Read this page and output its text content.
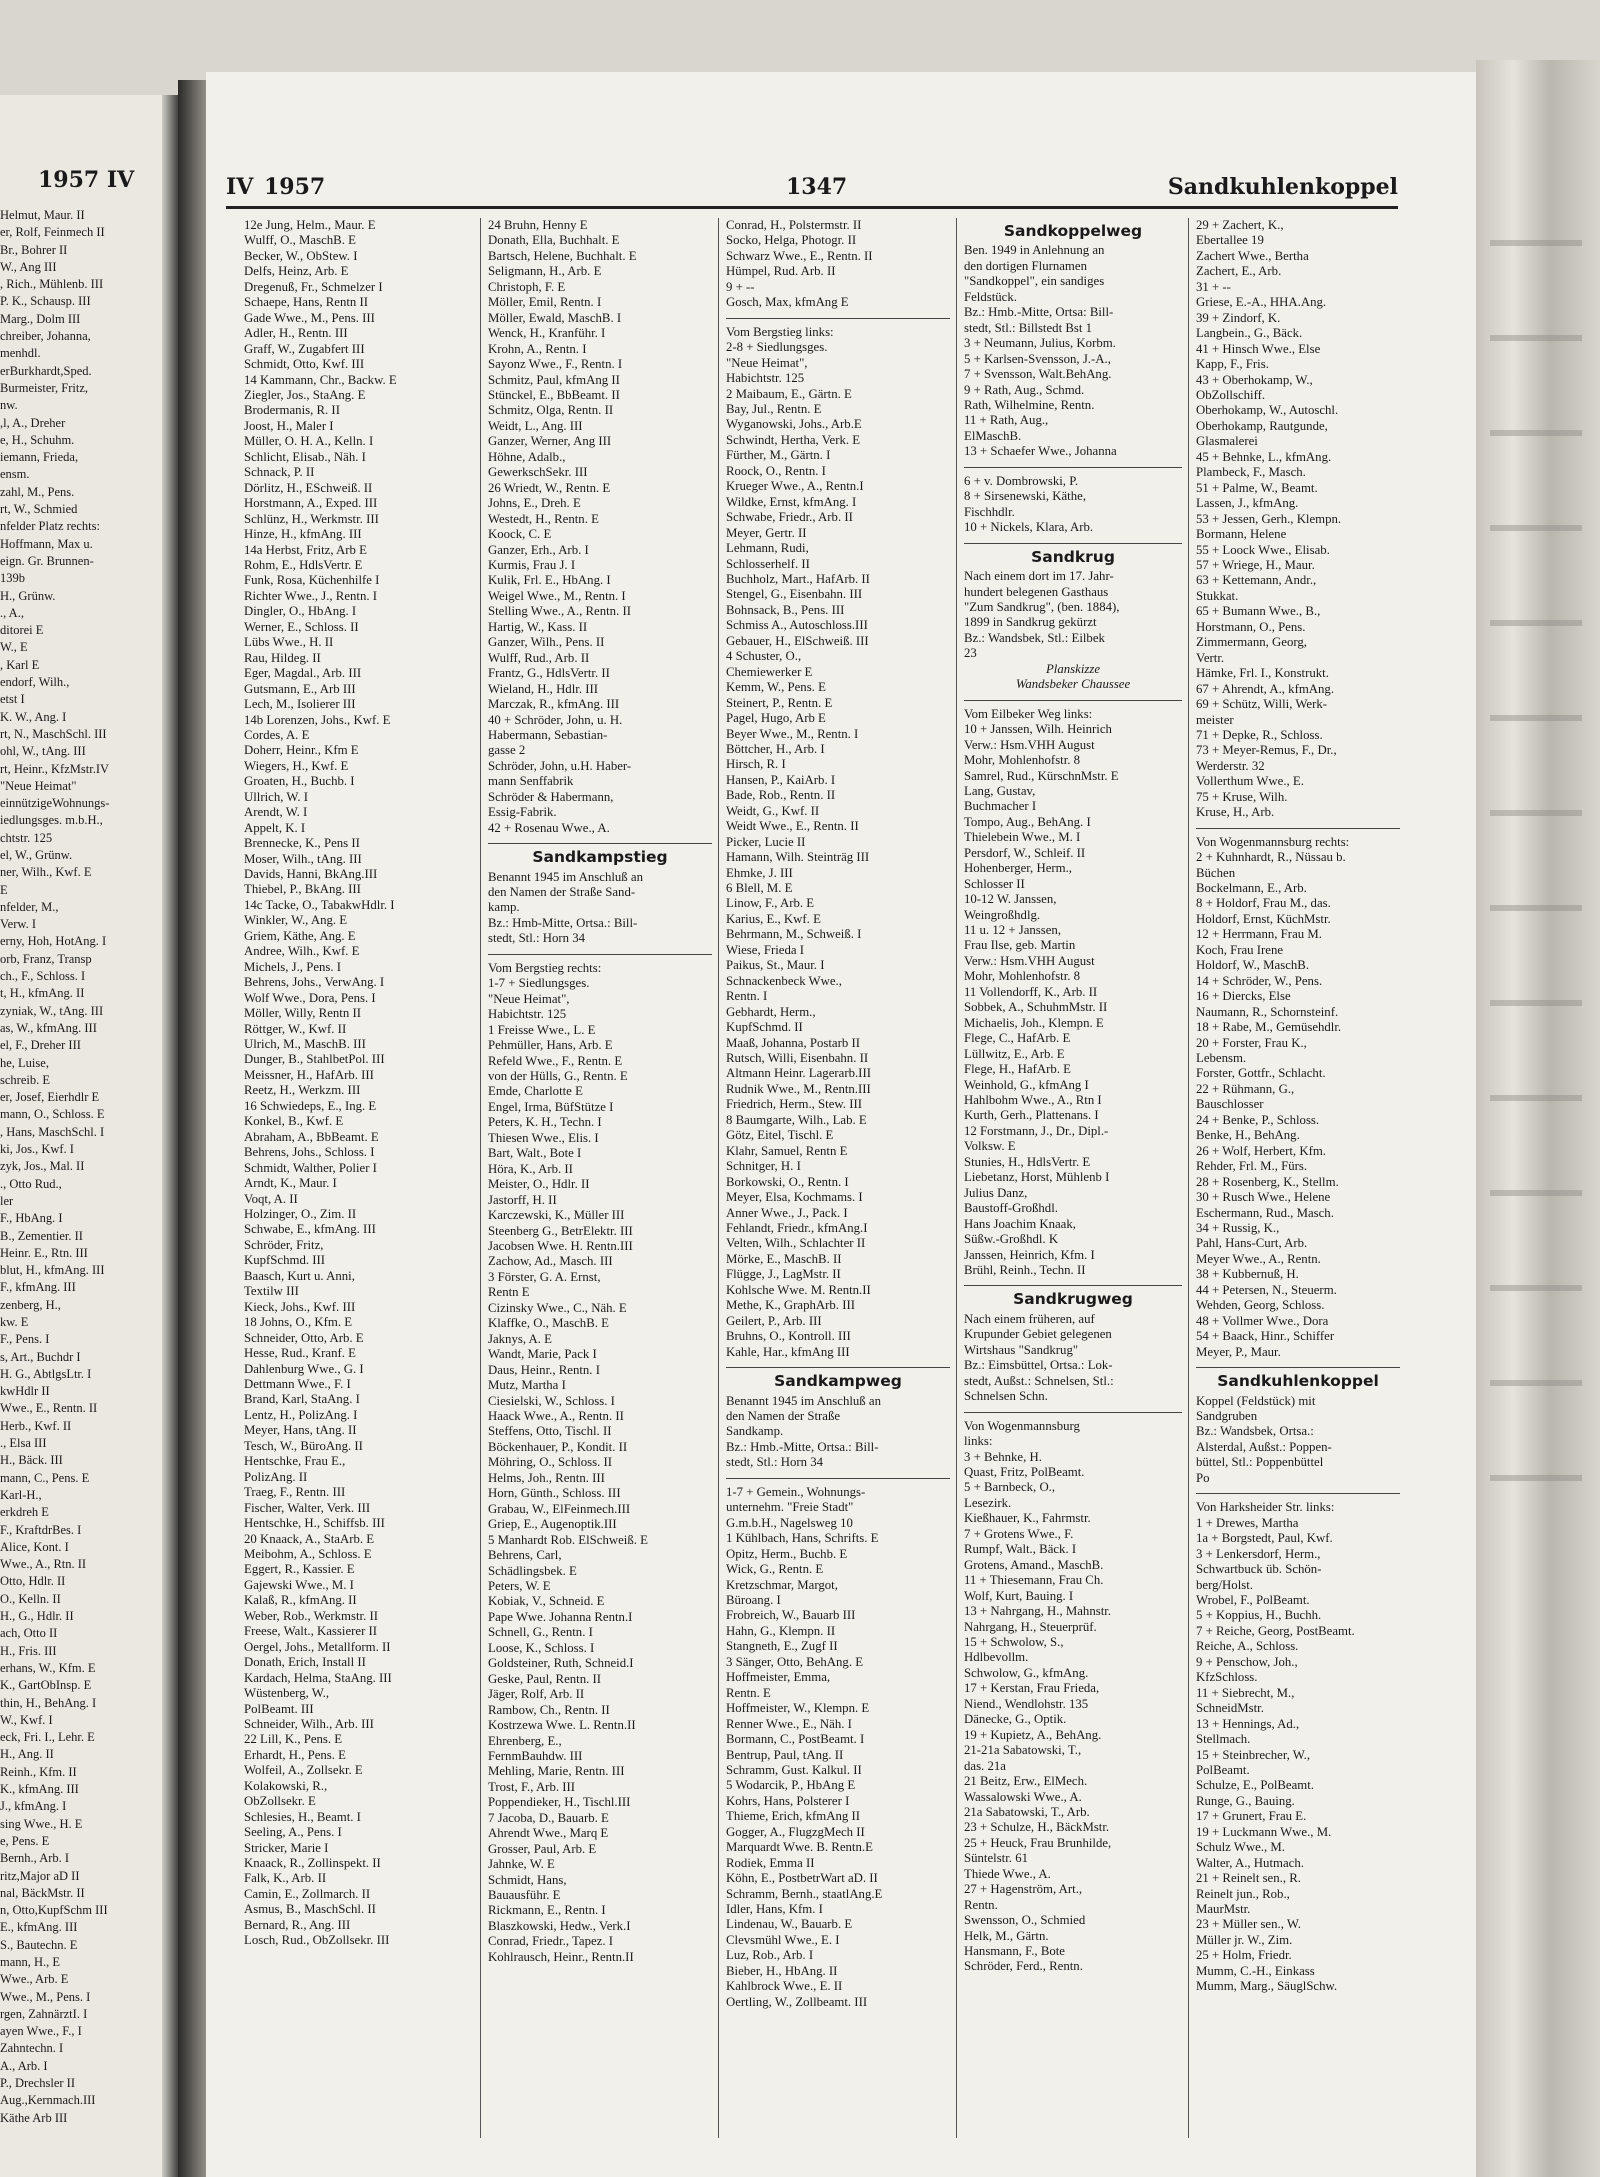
1957 IV
Helmut, Maur. II
er, Rolf, Feinmech II
Br., Bohrer II
W., Ang III
, Rich., Mühlenb. III
P. K., Schausp. III
Marg., Dolm III
chreiber, Johanna,
menhdl.
erBurkhardt,Sped.
Burmeister, Fritz,
nw.
,l, A., Dreher
e, H., Schuhm.
iemann, Frieda,
ensm.
zahl, M., Pens.
rt, W., Schmied
nfelder Platz rechts:
Hoffmann, Max u.
eign. Gr. Brunnen-
139b
H., Grünw.
., A.,
ditorei E
W., E
, Karl E
endorf, Wilh.,
etst I
K. W., Ang. I
rt, N., MaschSchl. III
ohl, W., tAng. III
rt, Heinr., KfzMstr.IV
"Neue Heimat"
einnützigeWohnungs-
iedlungsges. m.b.H.,
chtstr. 125
el, W., Grünw.
ner, Wilh., Kwf. E
E
nfelder, M.,
Verw. I
erny, Hoh, HotAng. I
orb, Franz, Transp
ch., F., Schloss. I
t, H., kfmAng. II
zyniak, W., tAng. III
as, W., kfmAng. III
el, F., Dreher III
he, Luise,
schreib. E
er, Josef, Eierhdlr E
mann, O., Schloss. E
, Hans, MaschSchl. I
ki, Jos., Kwf. I
zyk, Jos., Mal. II
., Otto Rud.,
ler
F., HbAng. I
B., Zementier. II
Heinr. E., Rtn. III
blut, H., kfmAng. III
F., kfmAng. III
zenberg, H.,
kw. E
F., Pens. I
s, Art., Buchdr I
H. G., AbtlgsLtr. I
kwHdlr II
Wwe., E., Rentn. II
Herb., Kwf. II
., Elsa III
H., Bäck. III
mann, C., Pens. E
Karl-H.,
erkdreh E
F., KraftdrBes. I
Alice, Kont. I
Wwe., A., Rtn. II
Otto, Hdlr. II
O., Kelln. II
H., G., Hdlr. II
ach, Otto II
H., Fris. III
erhans, W., Kfm. E
K., GartObInsp. E
thin, H., BehAng. I
W., Kwf. I
eck, Fri. I., Lehr. E
H., Ang. II
Reinh., Kfm. II
K., kfmAng. III
J., kfmAng. I
sing Wwe., H. E
e, Pens. E
Bernh., Arb. I
ritz,Major aD II
nal, BäckMstr. II
n, Otto,KupfSchm III
E., kfmAng. III
S., Bautechn. E
mann, H., E
Wwe., Arb. E
Wwe., M., Pens. I
rgen, ZahnärztI. I
ayen Wwe., F., I
Zahntechn. I
A., Arb. I
P., Drechsler II
Aug.,Kernmach.III
Käthe Arb III
IV 1957	1347	Sandkuhlenkoppel
12e Jung, Helm., Maur. E
Wulff, O., MaschB. E
Becker, W., ObStew. I
Delfs, Heinz, Arb. E
Dregenuß, Fr., Schmelzer I
Schaepe, Hans, Rentn II
Gade Wwe., M., Pens. III
Adler, H., Rentn. III
Graff, W., Zugabfert III
Schmidt, Otto, Kwf. III
14 Kammann, Chr., Backw. E
Ziegler, Jos., StaAng. E
Brodermanis, R. II
Joost, H., Maler I
Müller, O. H. A., Kelln. I
Schlicht, Elisab., Näh. I
Schnack, P. II
Dörlitz, H., ESchweiß. II
Horstmann, A., Exped. III
Schlünz, H., Werkmstr. III
Hinze, H., kfmAng. III
14a Herbst, Fritz, Arb E
Rohm, E., HdlsVertr. E
Funk, Rosa, Küchenhilfe I
Richter Wwe., J., Rentn. I
Dingler, O., HbAng. I
Werner, E., Schloss. II
Lübs Wwe., H. II
Rau, Hildeg. II
Eger, Magdal., Arb. III
Gutsmann, E., Arb III
Lech, M., Isolierer III
14b Lorenzen, Johs., Kwf. E
Cordes, A. E
Doherr, Heinr., Kfm E
Wiegers, H., Kwf. E
Groaten, H., Buchb. I
Ullrich, W. I
Arendt, W. I
Appelt, K. I
Brennecke, K., Pens II
Moser, Wilh., tAng. III
Davids, Hanni, BkAng.III
Thiebel, P., BkAng. III
14c Tacke, O., TabakwHdlr. I
Winkler, W., Ang. E
Griem, Käthe, Ang. E
Andree, Wilh., Kwf. E
Michels, J., Pens. I
Behrens, Johs., VerwAng. I
Wolf Wwe., Dora, Pens. I
Möller, Willy, Rentn II
Röttger, W., Kwf. II
Ulrich, M., MaschB. III
Dunger, B., StahlbetPol. III
Meissner, H., HafArb. III
Reetz, H., Werkzm. III
16 Schwiedeps, E., Ing. E
Konkel, B., Kwf. E
Abraham, A., BbBeamt. E
Behrens, Johs., Schloss. I
Schmidt, Walther, Polier I
Arndt, K., Maur. I
Voqt, A. II
Holzinger, O., Zim. II
Schwabe, E., kfmAng. III
Schröder, Fritz,
KupfSchmd. III
Baasch, Kurt u. Anni,
Textilw III
Kieck, Johs., Kwf. III
18 Johns, O., Kfm. E
Schneider, Otto, Arb. E
Hesse, Rud., Kranf. E
Dahlenburg Wwe., G. I
Dettmann Wwe., F. I
Brand, Karl, StaAng. I
Lentz, H., PolizAng. I
Meyer, Hans, tAng. II
Tesch, W., BüroAng. II
Hentschke, Frau E.,
PolizAng. II
Traeg, F., Rentn. III
Fischer, Walter, Verk. III
Hentschke, H., Schiffsb. III
20 Knaack, A., StaArb. E
Meibohm, A., Schloss. E
Eggert, R., Kassier. E
Gajewski Wwe., M. I
Kalaß, R., kfmAng. II
Weber, Rob., Werkmstr. II
Freese, Walt., Kassierer II
Oergel, Johs., Metallform. II
Donath, Erich, Install II
Kardach, Helma, StaAng. III
Wüstenberg, W.,
PolBeamt. III
Schneider, Wilh., Arb. III
22 Lill, K., Pens. E
Erhardt, H., Pens. E
Wolfeil, A., Zollsekr. E
Kolakowski, R.,
ObZollsekr. E
Schlesies, H., Beamt. I
Seeling, A., Pens. I
Stricker, Marie I
Knaack, R., Zollinspekt. II
Falk, K., Arb. II
Camin, E., Zollmarch. II
Asmus, B., MaschSchl. II
Bernard, R., Ang. III
Losch, Rud., ObZollsekr. III
24 Bruhn, Henny E
Donath, Ella, Buchhalt. E
Bartsch, Helene, Buchhalt. E
Seligmann, H., Arb. E
Christoph, F. E
Möller, Emil, Rentn. I
Möller, Ewald, MaschB. I
Wenck, H., Kranführ. I
Krohn, A., Rentn. I
Sayonz Wwe., F., Rentn. I
Schmitz, Paul, kfmAng II
Stünckel, E., BbBeamt. II
Schmitz, Olga, Rentn. II
Weidt, L., Ang. III
Ganzer, Werner, Ang III
Höhne, Adalb.,
GewerkschSekr. III
26 Wriedt, W., Rentn. E
Johns, E., Dreh. E
Westedt, H., Rentn. E
Koock, C. E
Ganzer, Erh., Arb. I
Kurmis, Frau J. I
Kulik, Frl. E., HbAng. I
Weigel Wwe., M., Rentn. I
Stelling Wwe., A., Rentn. II
Hartig, W., Kass. II
Ganzer, Wilh., Pens. II
Wulff, Rud., Arb. II
Frantz, G., HdlsVertr. II
Wieland, H., Hdlr. III
Marczak, R., kfmAng. III
40 + Schröder, John, u. H.
Habermann, Sebastian-
gasse 2
Schröder, John, u.H. Haber-
mann Senffabrik
Schröder & Habermann,
Essig-Fabrik.
42 + Rosenau Wwe., A.
Sandkampstieg
Benannt 1945 im Anschluß an
den Namen der Straße Sand-
kamp.
Bz.: Hmb-Mitte, Ortsa.: Bill-
stedt, Stl.: Horn 34
Vom Bergstieg rechts:
1-7 + Siedlungsges.
"Neue Heimat",
Habichtstr. 125
1 Freisse Wwe., L. E
Pehmüller, Hans, Arb. E
Refeld Wwe., F., Rentn. E
von der Hülls, G., Rentn. E
Emde, Charlotte E
Engel, Irma, BüfStütze I
Peters, K. H., Techn. I
Thiesen Wwe., Elis. I
Bart, Walt., Bote I
Höra, K., Arb. II
Meister, O., Hdlr. II
Jastorff, H. II
Karczewski, K., Müller III
Steenberg G., BetrElektr. III
Jacobsen Wwe. H. Rentn.III
Zachow, Ad., Masch. III
3 Förster, G. A. Ernst,
Rentn E
Cizinsky Wwe., C., Näh. E
Klaffke, O., MaschB. E
Jaknys, A. E
Wandt, Marie, Pack I
Daus, Heinr., Rentn. I
Mutz, Martha I
Ciesielski, W., Schloss. I
Haack Wwe., A., Rentn. II
Steffens, Otto, Tischl. II
Böckenhauer, P., Kondit. II
Möhring, O., Schloss. II
Helms, Joh., Rentn. III
Horn, Günth., Schloss. III
Grabau, W., ElFeinmech.III
Griep, E., Augenoptik.III
5 Manhardt Rob. ElSchweiß. E
Behrens, Carl,
Schädlingsbek. E
Peters, W. E
Kobiak, V., Schneid. E
Pape Wwe. Johanna Rentn.I
Schnell, G., Rentn. I
Loose, K., Schloss. I
Goldsteiner, Ruth, Schneid.I
Geske, Paul, Rentn. II
Jäger, Rolf, Arb. II
Rambow, Ch., Rentn. II
Kostrzewa Wwe. L. Rentn.II
Ehrenberg, E.,
FernmBauhdw. III
Mehling, Marie, Rentn. III
Trost, F., Arb. III
Poppendieker, H., Tischl.III
7 Jacoba, D., Bauarb. E
Ahrendt Wwe., Marq E
Grosser, Paul, Arb. E
Jahnke, W. E
Schmidt, Hans,
Bauausführ. E
Rickmann, E., Rentn. I
Blaszkowski, Hedw., Verk.I
Conrad, Friedr., Tapez. I
Kohlrausch, Heinr., Rentn.II
Conrad, H., Polstermstr. II
Socko, Helga, Photogr. II
Schwarz Wwe., E., Rentn. II
Hümpel, Rud. Arb. II
9 + --
Gosch, Max, kfmAng E
Vom Bergstieg links:
2-8 + Siedlungsges.
"Neue Heimat",
Habichtstr. 125
2 Maibaum, E., Gärtn. E
Bay, Jul., Rentn. E
Wyganowski, Johs., Arb.E
Schwindt, Hertha, Verk. E
Fürther, M., Gärtn. I
Roock, O., Rentn. I
Krueger Wwe., A., Rentn.I
Wildke, Ernst, kfmAng. I
Schwabe, Friedr., Arb. II
Meyer, Gertr. II
Lehmann, Rudi,
Schlosserhelf. II
Buchholz, Mart., HafArb. II
Stengel, G., Eisenbahn. III
Bohnsack, B., Pens. III
Schmiss A., Autoschloss.III
Gebauer, H., ElSchweiß. III
4 Schuster, O.,
Chemiewerker E
Kemm, W., Pens. E
Steinert, P., Rentn. E
Pagel, Hugo, Arb E
Beyer Wwe., M., Rentn. I
Böttcher, H., Arb. I
Hirsch, R. I
Hansen, P., KaiArb. I
Bade, Rob., Rentn. II
Weidt, G., Kwf. II
Weidt Wwe., E., Rentn. II
Picker, Lucie II
Hamann, Wilh. Steinträg III
Ehmke, J. III
6 Blell, M. E
Linow, F., Arb. E
Karius, E., Kwf. E
Behrmann, M., Schweiß. I
Wiese, Frieda I
Paikus, St., Maur. I
Schnackenbeck Wwe.,
Rentn. I
Gebhardt, Herm.,
KupfSchmd. II
Maaß, Johanna, Postarb II
Rutsch, Willi, Eisenbahn. II
Altmann Heinr. Lagerarb.III
Rudnik Wwe., M., Rentn.III
Friedrich, Herm., Stew. III
8 Baumgarte, Wilh., Lab. E
Götz, Eitel, Tischl. E
Klahr, Samuel, Rentn E
Schnitger, H. I
Borkowski, O., Rentn. I
Meyer, Elsa, Kochmams. I
Anner Wwe., J., Pack. I
Fehlandt, Friedr., kfmAng.I
Velten, Wilh., Schlachter II
Mörke, E., MaschB. II
Flügge, J., LagMstr. II
Kohlsche Wwe. M. Rentn.II
Methe, K., GraphArb. III
Geilert, P., Arb. III
Bruhns, O., Kontroll. III
Kahle, Har., kfmAng III
Sandkampweg
Benannt 1945 im Anschluß an
den Namen der Straße
Sandkamp.
Bz.: Hmb.-Mitte, Ortsa.: Bill-
stedt, Stl.: Horn 34
1-7 + Gemein., Wohnungs-
unternehm. "Freie Stadt"
G.m.b.H., Nagelsweg 10
1 Kühlbach, Hans, Schrifts. E
Opitz, Herm., Buchb. E
Wick, G., Rentn. E
Kretzschmar, Margot,
Büroang. I
Frobreich, W., Bauarb III
Hahn, G., Klempn. II
Stangneth, E., Zugf II
3 Sänger, Otto, BehAng. E
Hoffmeister, Emma,
Rentn. E
Hoffmeister, W., Klempn. E
Renner Wwe., E., Näh. I
Bormann, C., PostBeamt. I
Bentrup, Paul, tAng. II
Schramm, Gust. Kalkul. II
5 Wodarcik, P., HbAng E
Kohrs, Hans, Polsterer I
Thieme, Erich, kfmAng II
Gogger, A., FlugzgMech II
Marquardt Wwe. B. Rentn.E
Rodiek, Emma II
Köhn, E., PostbetrWart aD. II
Schramm, Bernh., staatlAng.E
Idler, Hans, Kfm. I
Lindenau, W., Bauarb. E
Clevsmühl Wwe., E. I
Luz, Rob., Arb. I
Bieber, H., HbAng. II
Kahlbrock Wwe., E. II
Oertling, W., Zollbeamt. III
Sandkoppelweg
Ben. 1949 in Anlehnung an
den dortigen Flurnamen
"Sandkoppel", ein sandiges
Feldstück.
Bz.: Hmb.-Mitte, Ortsa: Bill-
stedt, Stl.: Billstedt Bst 1
3 + Neumann, Julius, Korbm.
5 + Karlsen-Svensson, J.-A.,
7 + Svensson, Walt.BehAng.
9 + Rath, Aug., Schmd.
Rath, Wilhelmine, Rentn.
11 + Rath, Aug.,
ElMaschB.
13 + Schaefer Wwe., Johanna
6 + v. Dombrowski, P.
8 + Sirsenewski, Käthe,
Fischhdlr.
10 + Nickels, Klara, Arb.
Sandkrug
Nach einem dort im 17. Jahr-
hundert belegenen Gasthaus
"Zum Sandkrug", (ben. 1884),
1899 in Sandkrug gekürzt
Bz.: Wandsbek, Stl.: Eilbek
23
Planskizze
Wandsbeker Chaussee
Vom Eilbeker Weg links:
10 + Janssen, Wilh. Heinrich
Verw.: Hsm.VHH August
Mohr, Mohlenhofstr. 8
Samrel, Rud., KürschnMstr. E
Lang, Gustav,
Buchmacher I
Tompo, Aug., BehAng. I
Thielebein Wwe., M. I
Persdorf, W., Schleif. II
Hohenberger, Herm.,
Schlosser II
10-12 W. Janssen,
Weingroßhdlg.
11 u. 12 + Janssen,
Frau Ilse, geb. Martin
Verw.: Hsm.VHH August
Mohr, Mohlenhofstr. 8
11 Vollendorff, K., Arb. II
Sobbek, A., SchuhmMstr. II
Michaelis, Joh., Klempn. E
Flege, C., HafArb. E
Lüllwitz, E., Arb. E
Flege, H., HafArb. E
Weinhold, G., kfmAng I
Hahlbohm Wwe., A., Rtn I
Kurth, Gerh., Plattenans. I
12 Forstmann, J., Dr., Dipl.-
Volksw. E
Stunies, H., HdlsVertr. E
Liebetanz, Horst, Mühlenb I
Julius Danz,
Baustoff-Großhdl.
Hans Joachim Knaak,
Süßw.-Großhdl. K
Janssen, Heinrich, Kfm. I
Brühl, Reinh., Techn. II
Sandkrugweg
Nach einem früheren, auf
Krupunder Gebiet gelegenen
Wirtshaus "Sandkrug"
Bz.: Eimsbüttel, Ortsa.: Lok-
stedt, Außst.: Schnelsen, Stl.:
Schnelsen Schn.
Von Wogenmannsburg
links:
3 + Behnke, H.
Quast, Fritz, PolBeamt.
5 + Barnbeck, O.,
Lesezirk.
Kießhauer, K., Fahrmstr.
7 + Grotens Wwe., F.
Rumpf, Walt., Bäck. I
Grotens, Amand., MaschB.
11 + Thiesemann, Frau Ch.
Wolf, Kurt, Bauing. I
13 + Nahrgang, H., Mahnstr.
Nahrgang, H., Steuerprüf.
15 + Schwolow, S.,
Hdlbevollm.
Schwolow, G., kfmAng.
17 + Kerstan, Frau Frieda,
Niend., Wendlohstr. 135
Dänecke, G., Optik.
19 + Kupietz, A., BehAng.
21-21a Sabatowski, T.,
das. 21a
21 Beitz, Erw., ElMech.
Wassalowski Wwe., A.
21a Sabatowski, T., Arb.
23 + Schulze, H., BäckMstr.
25 + Heuck, Frau Brunhilde,
Süntelstr. 61
Thiede Wwe., A.
27 + Hagenström, Art.,
Rentn.
Swensson, O., Schmied
Helk, M., Gärtn.
Hansmann, F., Bote
Schröder, Ferd., Rentn.
29 + Zachert, K.,
Ebertallee 19
Zachert Wwe., Bertha
Zachert, E., Arb.
31 + --
Griese, E.-A., HHA.Ang.
39 + Zindorf, K.
Langbein., G., Bäck.
41 + Hinsch Wwe., Else
Kapp, F., Fris.
43 + Oberhokamp, W.,
ObZollschiff.
Oberhokamp, W., Autoschl.
Oberhokamp, Rautgunde,
Glasmalerei
45 + Behnke, L., kfmAng.
Plambeck, F., Masch.
51 + Palme, W., Beamt.
Lassen, J., kfmAng.
53 + Jessen, Gerh., Klempn.
Bormann, Helene
55 + Loock Wwe., Elisab.
57 + Wriege, H., Maur.
63 + Kettemann, Andr.,
Stukkat.
65 + Bumann Wwe., B.,
Horstmann, O., Pens.
Zimmermann, Georg,
Vertr.
Hämke, Frl. I., Konstrukt.
67 + Ahrendt, A., kfmAng.
69 + Schütz, Willi, Werk-
meister
71 + Depke, R., Schloss.
73 + Meyer-Remus, F., Dr.,
Werderstr. 32
Vollerthum Wwe., E.
75 + Kruse, Wilh.
Kruse, H., Arb.
Von Wogenmannsburg rechts:
2 + Kuhnhardt, R., Nüssau b.
Büchen
Bockelmann, E., Arb.
8 + Holdorf, Frau M., das.
Holdorf, Ernst, KüchMstr.
12 + Herrmann, Frau M.
Koch, Frau Irene
Holdorf, W., MaschB.
14 + Schröder, W., Pens.
16 + Diercks, Else
Naumann, R., Schornsteinf.
18 + Rabe, M., Gemüsehdlr.
20 + Forster, Frau K.,
Lebensm.
Forster, Gottfr., Schlacht.
22 + Rühmann, G.,
Bauschlosser
24 + Benke, P., Schloss.
Benke, H., BehAng.
26 + Wolf, Herbert, Kfm.
Rehder, Frl. M., Fürs.
28 + Rosenberg, K., Stellm.
30 + Rusch Wwe., Helene
Eschermann, Rud., Masch.
34 + Russig, K.,
Pahl, Hans-Curt, Arb.
Meyer Wwe., A., Rentn.
38 + Kubbernuß, H.
44 + Petersen, N., Steuerm.
Wehden, Georg, Schloss.
48 + Vollmer Wwe., Dora
54 + Baack, Hinr., Schiffer
Meyer, P., Maur.
Sandkuhlenkoppel
Koppel (Feldstück) mit
Sandgruben
Bz.: Wandsbek, Ortsa.:
Alsterdal, Außst.: Poppen-
büttel, Stl.: Poppenbüttel
Po
Von Harksheider Str. links:
1 + Drewes, Martha
1a + Borgstedt, Paul, Kwf.
3 + Lenkersdorf, Herm.,
Schwartbuck üb. Schön-
berg/Holst.
Wrobel, F., PolBeamt.
5 + Koppius, H., Buchh.
7 + Reiche, Georg, PostBeamt.
Reiche, A., Schloss.
9 + Penschow, Joh.,
KfzSchloss.
11 + Siebrecht, M.,
SchneidMstr.
13 + Hennings, Ad.,
Stellmach.
15 + Steinbrecher, W.,
PolBeamt.
Schulze, E., PolBeamt.
Runge, G., Bauing.
17 + Grunert, Frau E.
19 + Luckmann Wwe., M.
Schulz Wwe., M.
Walter, A., Hutmach.
21 + Reinelt sen., R.
Reinelt jun., Rob.,
MaurMstr.
23 + Müller sen., W.
Müller jr. W., Zim.
25 + Holm, Friedr.
Mumm, C.-H., Einkass
Mumm, Marg., SäuglSchw.
